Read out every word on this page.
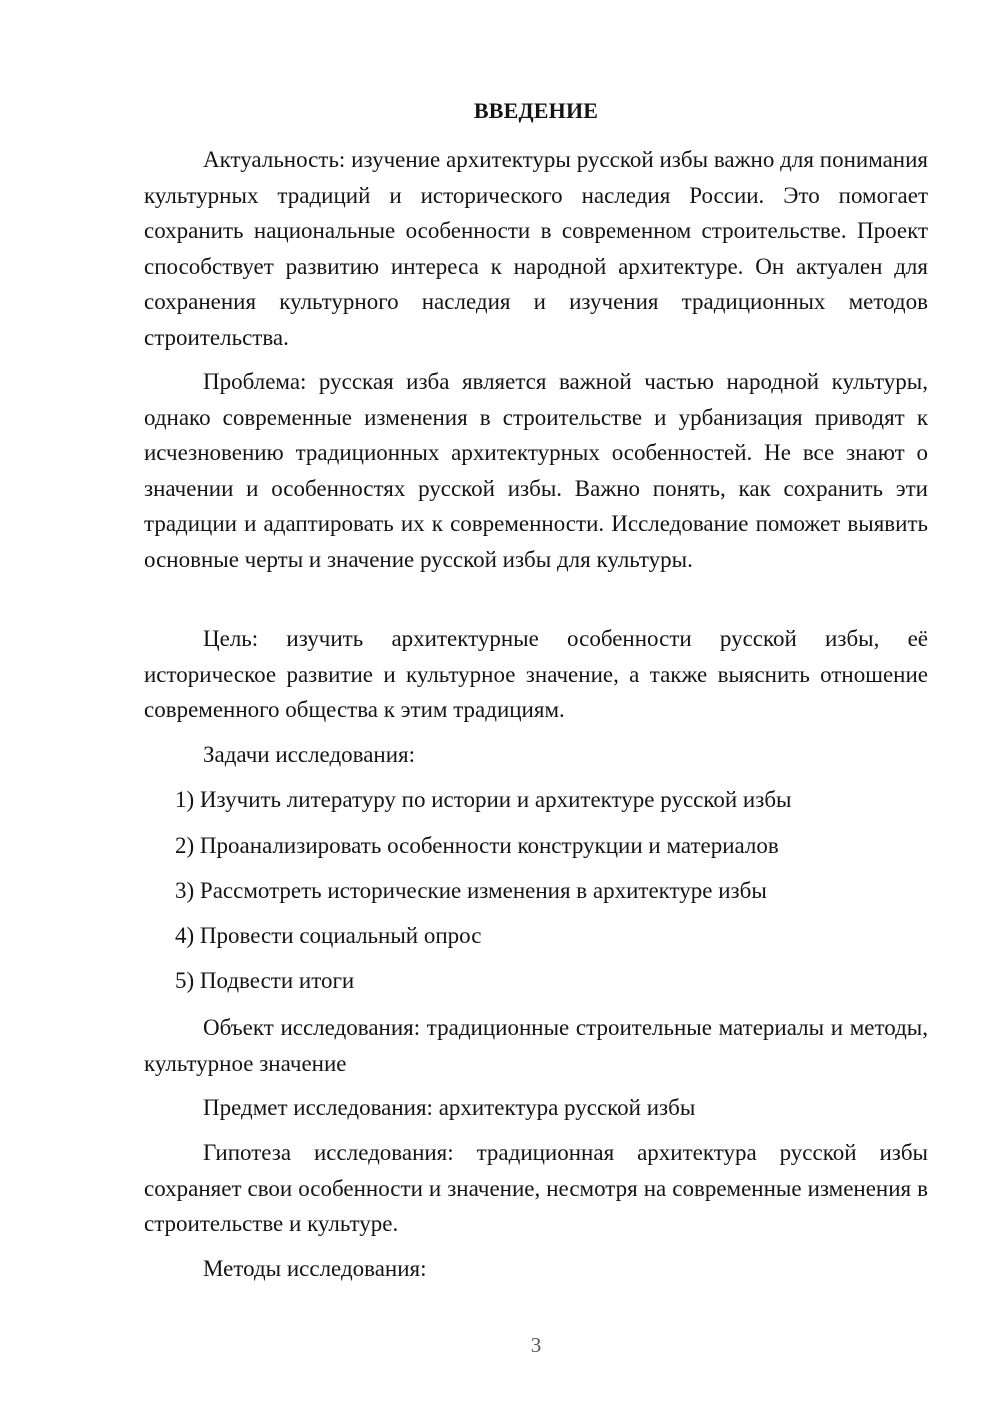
ВВЕДЕНИЕ

Актуальность: изучение архитектуры русской избы важно для понимания культурных традиций и исторического наследия России. Это помогает сохранить национальные особенности в современном строительстве. Проект способствует развитию интереса к народной архитектуре. Он актуален для сохранения культурного наследия и изучения традиционных методов строительства.

Проблема: русская изба является важной частью народной культуры, однако современные изменения в строительстве и урбанизация приводят к исчезновению традиционных архитектурных особенностей. Не все знают о значении и особенностях русской избы. Важно понять, как сохранить эти традиции и адаптировать их к современности. Исследование поможет выявить основные черты и значение русской избы для культуры.

Цель: изучить архитектурные особенности русской избы, её историческое развитие и культурное значение, а также выяснить отношение современного общества к этим традициям.

Задачи исследования:
1) Изучить литературу по истории и архитектуре русской избы
2) Проанализировать особенности конструкции и материалов
3) Рассмотреть исторические изменения в архитектуре избы
4) Провести социальный опрос
5) Подвести итоги

Объект исследования: традиционные строительные материалы и методы, культурное значение

Предмет исследования: архитектура русской избы

Гипотеза исследования: традиционная архитектура русской избы сохраняет свои особенности и значение, несмотря на современные изменения в строительстве и культуре.

Методы исследования:
3
